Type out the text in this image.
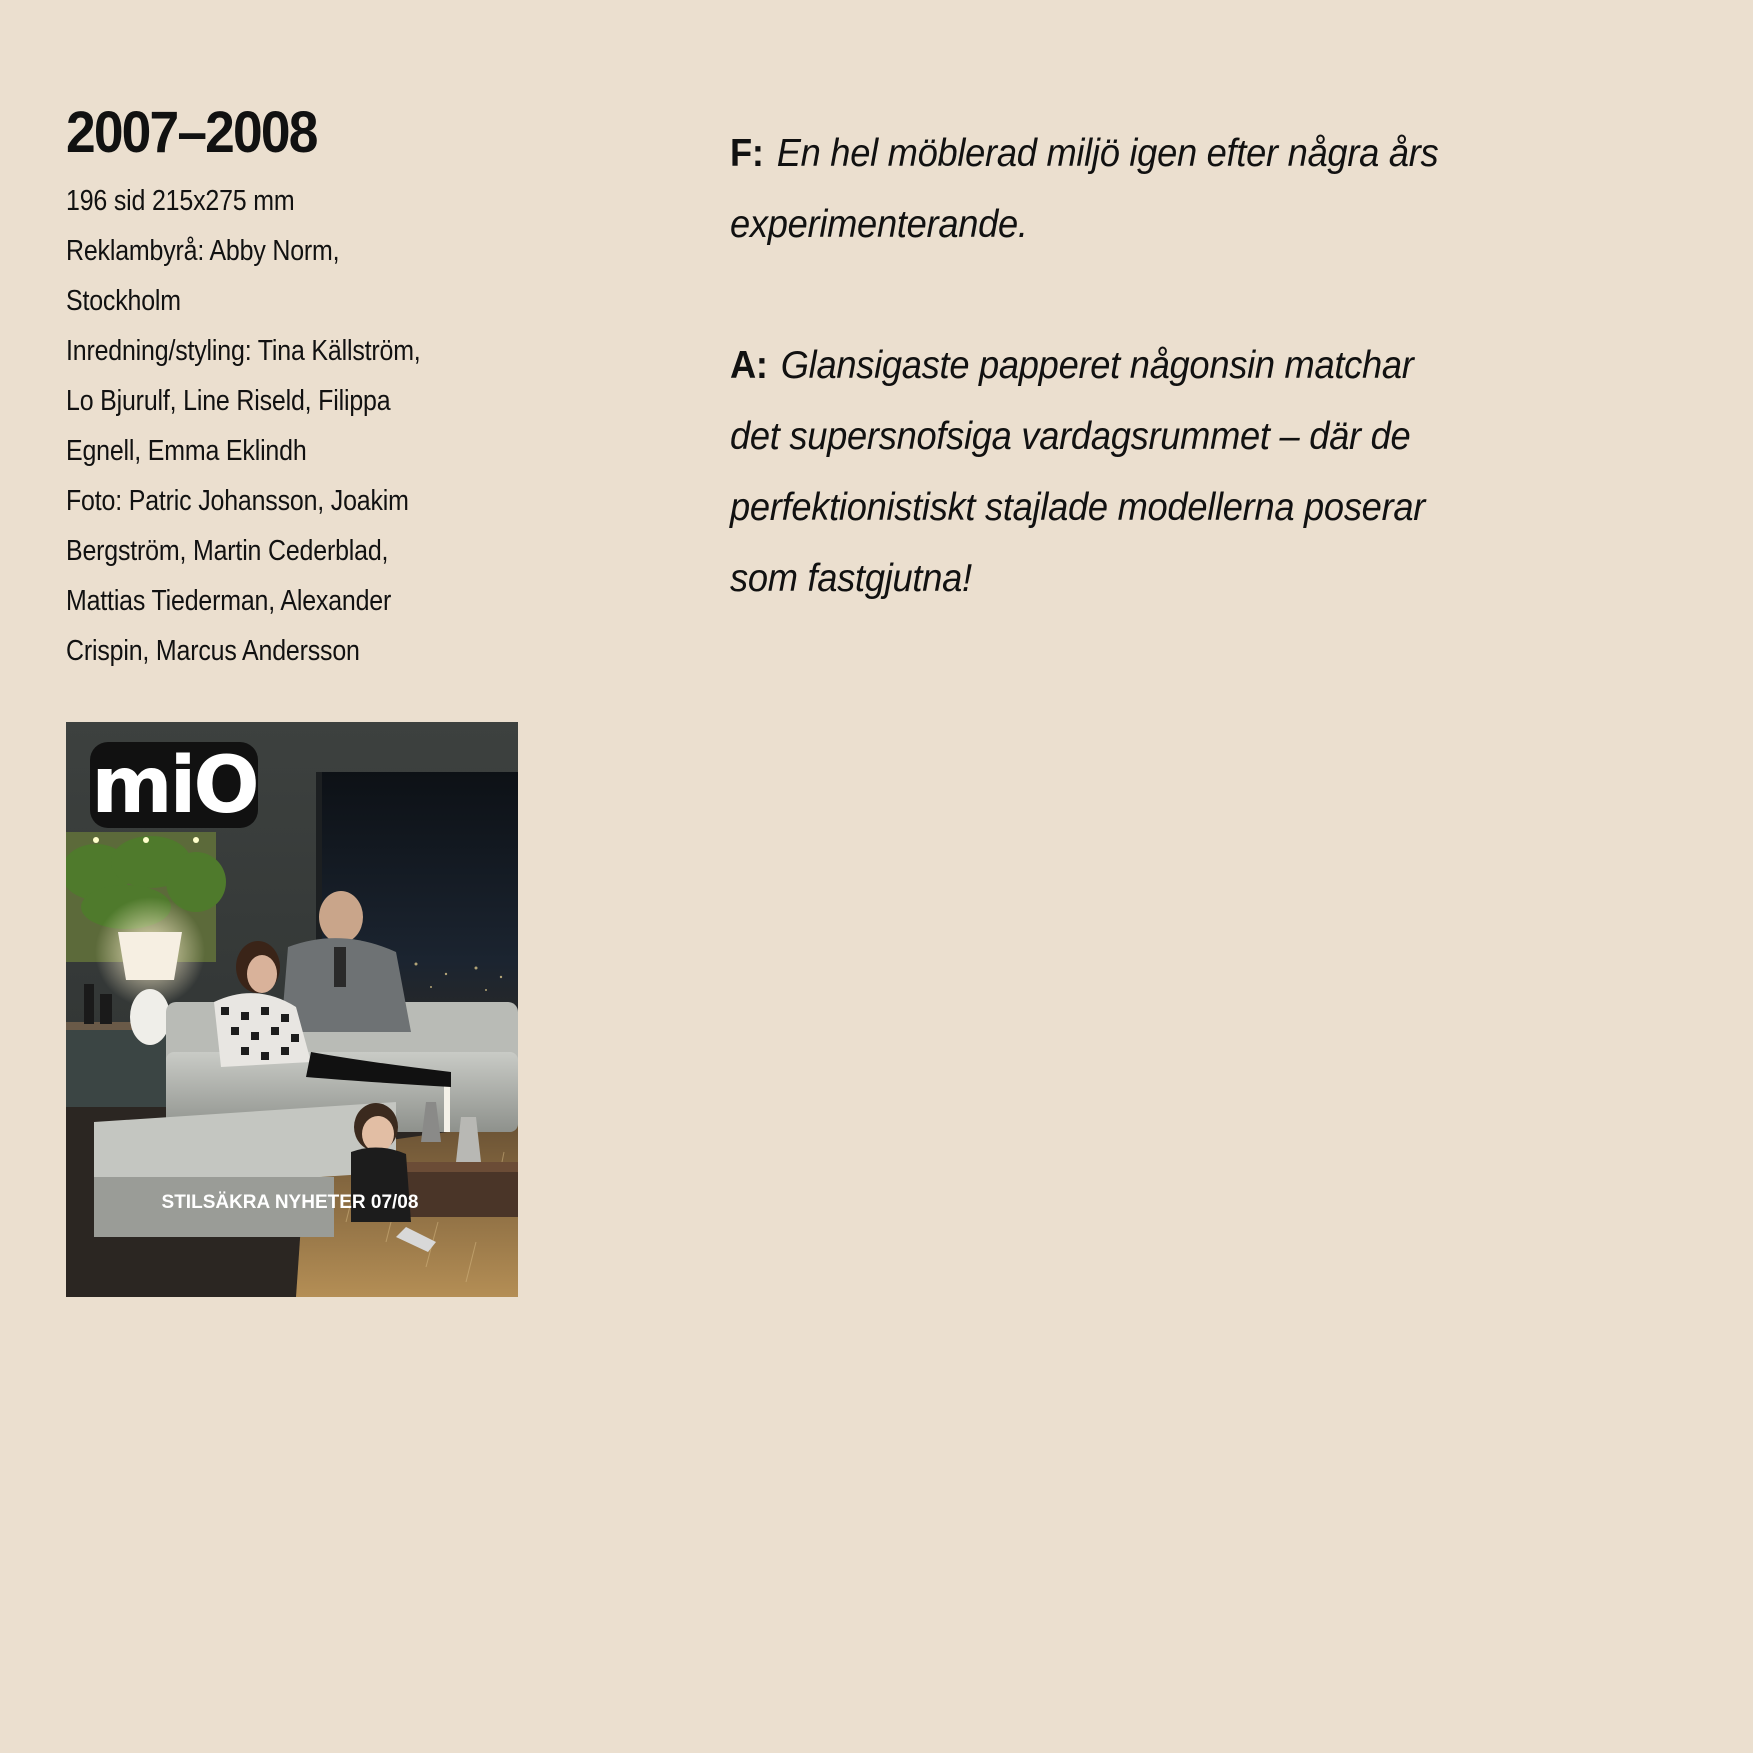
2007–2008
196 sid 215x275 mm
Reklambyrå: Abby Norm,
Stockholm
Inredning/styling: Tina Källström,
Lo Bjurulf, Line Riseld, Filippa
Egnell, Emma Eklindh
Foto: Patric Johansson, Joakim
Bergström, Martin Cederblad,
Mattias Tiederman, Alexander
Crispin, Marcus Andersson
miO
STILSÄKRA NYHETER 07/08

F: En hel möblerad miljö igen efter några års

experimenterande.

A: Glansigaste papperet någonsin matchar

det supersnofsiga vardagsrummet – där de

perfektionistiskt stajlade modellerna poserar

som fastgjutna!
